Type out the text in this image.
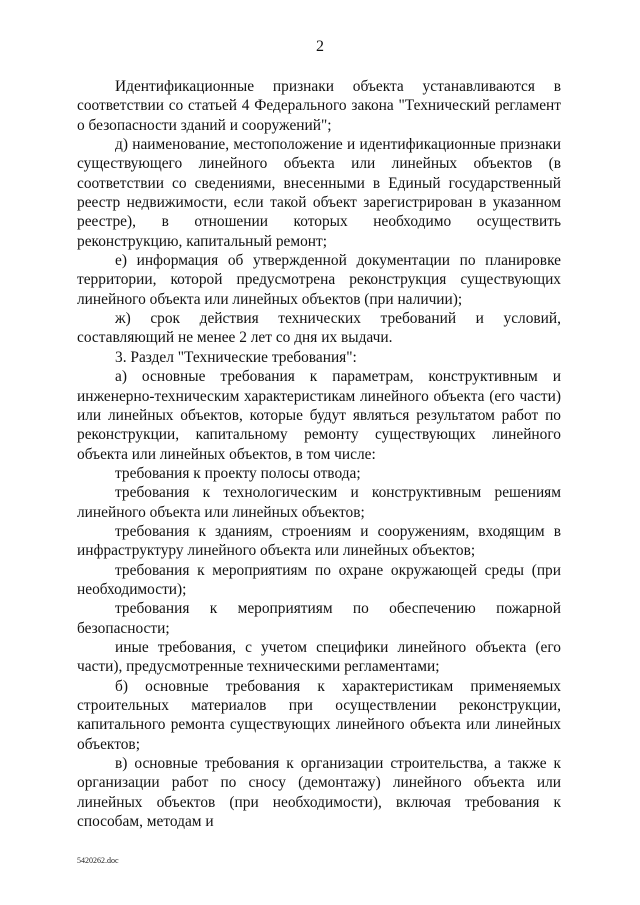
2

Идентификационные признаки объекта устанавливаются в соответствии со статьей 4 Федерального закона "Технический регламент о безопасности зданий и сооружений";

д) наименование, местоположение и идентификационные признаки существующего линейного объекта или линейных объектов (в соответствии со сведениями, внесенными в Единый государственный реестр недвижимости, если такой объект зарегистрирован в указанном реестре), в отношении которых необходимо осуществить реконструкцию, капитальный ремонт;

е) информация об утвержденной документации по планировке территории, которой предусмотрена реконструкция существующих линейного объекта или линейных объектов (при наличии);

ж) срок действия технических требований и условий, составляющий не менее 2 лет со дня их выдачи.

3. Раздел "Технические требования":

а) основные требования к параметрам, конструктивным и инженерно-техническим характеристикам линейного объекта (его части) или линейных объектов, которые будут являться результатом работ по реконструкции, капитальному ремонту существующих линейного объекта или линейных объектов, в том числе:

требования к проекту полосы отвода;

требования к технологическим и конструктивным решениям линейного объекта или линейных объектов;

требования к зданиям, строениям и сооружениям, входящим в инфраструктуру линейного объекта или линейных объектов;

требования к мероприятиям по охране окружающей среды (при необходимости);

требования к мероприятиям по обеспечению пожарной безопасности;

иные требования, с учетом специфики линейного объекта (его части), предусмотренные техническими регламентами;

б) основные требования к характеристикам применяемых строительных материалов при осуществлении реконструкции, капитального ремонта существующих линейного объекта или линейных объектов;

в) основные требования к организации строительства, а также к организации работ по сносу (демонтажу) линейного объекта или линейных объектов (при необходимости), включая требования к способам, методам и

5420262.doc
